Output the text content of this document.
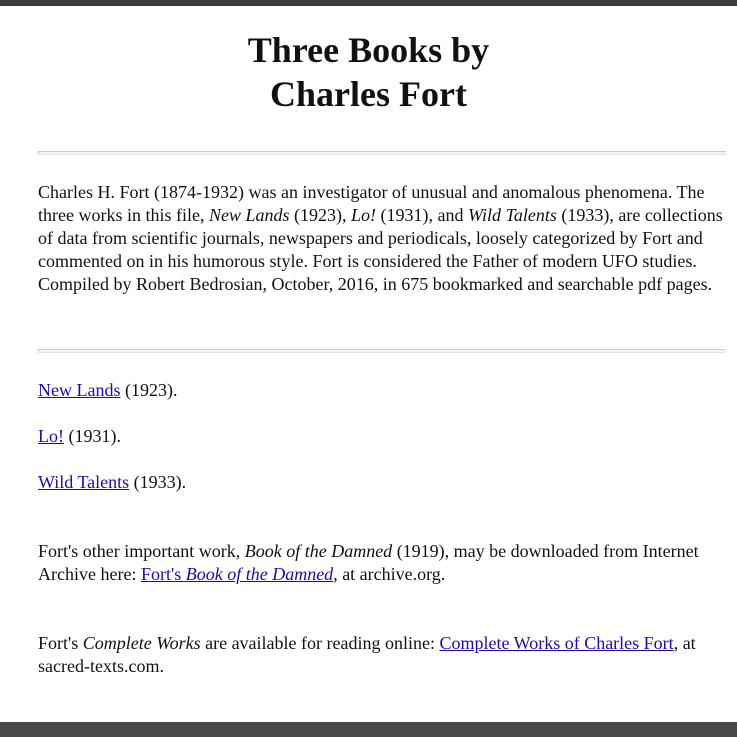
Three Books by
Charles Fort

Charles H. Fort (1874-1932) was an investigator of unusual and anomalous phenomena. The three works in this file, New Lands (1923), Lo! (1931), and Wild Talents (1933), are collections of data from scientific journals, newspapers and periodicals, loosely categorized by Fort and commented on in his humorous style. Fort is considered the Father of modern UFO studies. Compiled by Robert Bedrosian, October, 2016, in 675 bookmarked and searchable pdf pages.

New Lands (1923).

Lo! (1931).

Wild Talents (1933).

Fort's other important work, Book of the Damned (1919), may be downloaded from Internet Archive here: Fort's Book of the Damned, at archive.org.

Fort's Complete Works are available for reading online: Complete Works of Charles Fort, at sacred-texts.com.
